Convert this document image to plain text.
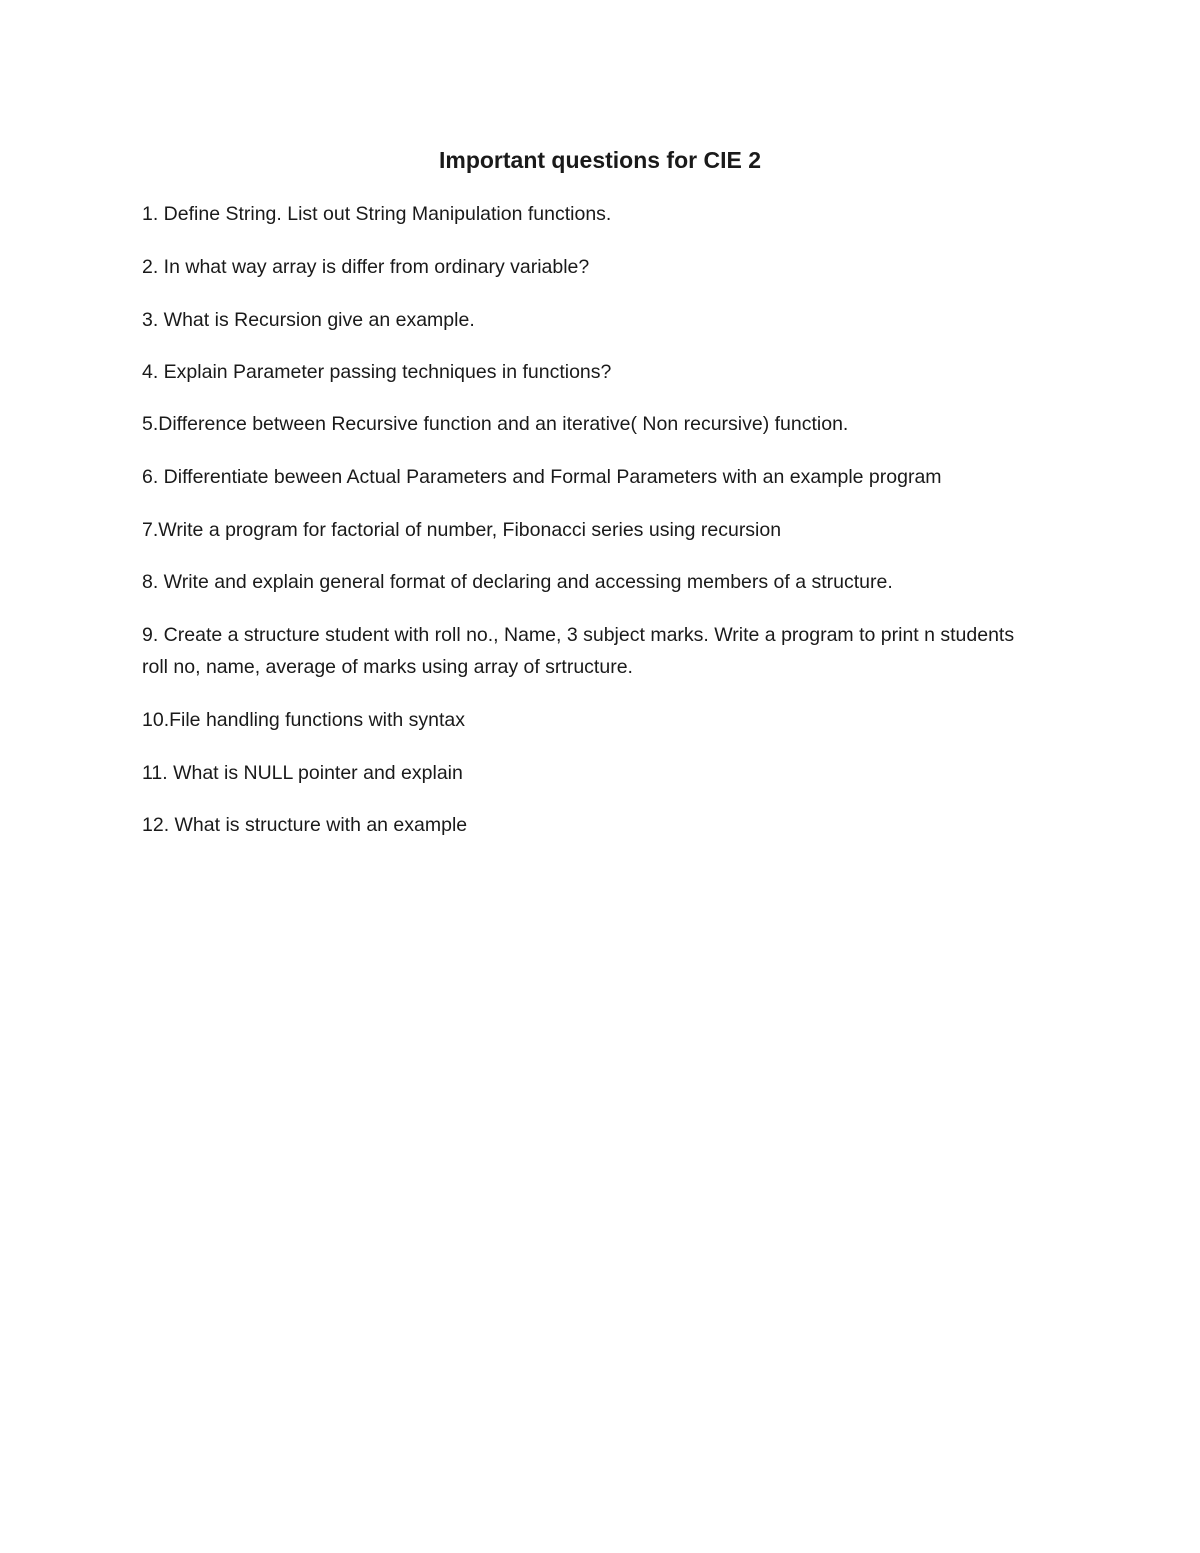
Important questions for CIE 2

1. Define String. List out String Manipulation functions.

2. In what way array is differ from ordinary variable?

3. What is Recursion give an example.

4. Explain Parameter passing techniques in functions?

5.Difference between Recursive function and an iterative( Non recursive) function.

6. Differentiate beween Actual Parameters and Formal Parameters with an example program

7.Write a program for factorial of number, Fibonacci series using recursion

8. Write and explain general format of declaring and accessing members of a structure.

9. Create a structure student with roll no., Name, 3 subject marks. Write a program to print n students roll no, name, average of marks using array of srtructure.

10.File handling functions with syntax

11. What is NULL pointer and explain

12. What is structure with an example
